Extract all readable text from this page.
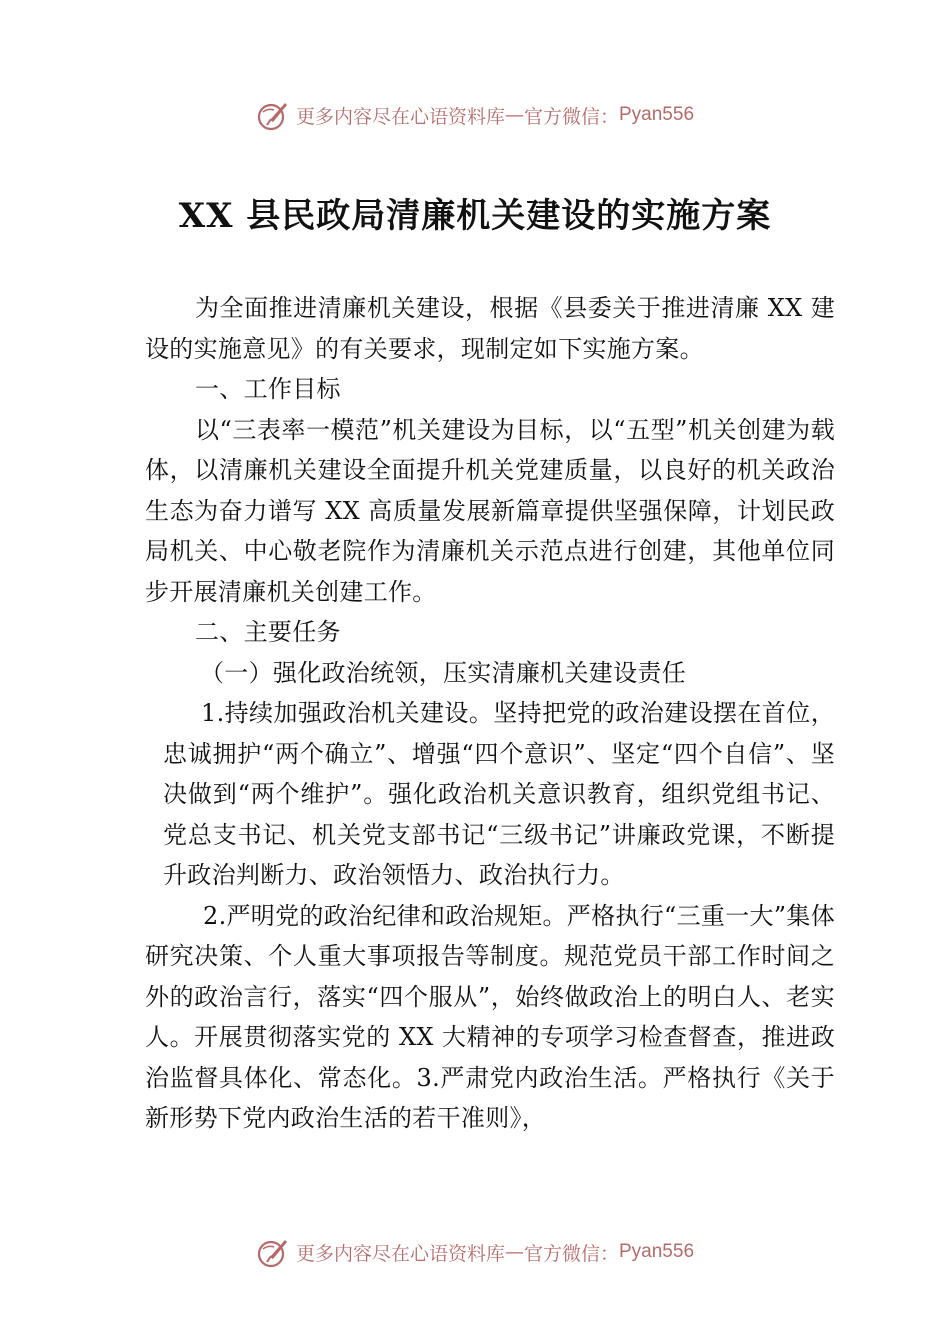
更多内容尽在心语资料库 — 官方微信： Pyan556
XX 县民政局清廉机关建设的实施方案

为全面推进清廉机关建设，根据《县委关于推进清廉 XX 建设的实施意见》的有关要求，现制定如下实施方案。

一、工作目标

以“三表率一模范”机关建设为目标，以“五型”机关创建为载体，以清廉机关建设全面提升机关党建质量，以良好的机关政治生态为奋力谱写 XX 高质量发展新篇章提供坚强保障，计划民政局机关、中心敬老院作为清廉机关示范点进行创建，其他单位同步开展清廉机关创建工作。

二、主要任务

（一）强化政治统领，压实清廉机关建设责任

1.持续加强政治机关建设。坚持把党的政治建设摆在首位，忠诚拥护“两个确立”、增强“四个意识”、坚定“四个自信”、坚决做到“两个维护”。强化政治机关意识教育，组织党组书记、党总支书记、机关党支部书记“三级书记”讲廉政党课，不断提升政治判断力、政治领悟力、政治执行力。

2.严明党的政治纪律和政治规矩。严格执行“三重一大”集体研究决策、个人重大事项报告等制度。规范党员干部工作时间之外的政治言行，落实“四个服从”，始终做政治上的明白人、老实人。开展贯彻落实党的 XX 大精神的专项学习检查督查，推进政治监督具体化、常态化。3.严肃党内政治生活。严格执行《关于新形势下党内政治生活的若干准则》，

更多内容尽在心语资料库 — 官方微信： Pyan556
